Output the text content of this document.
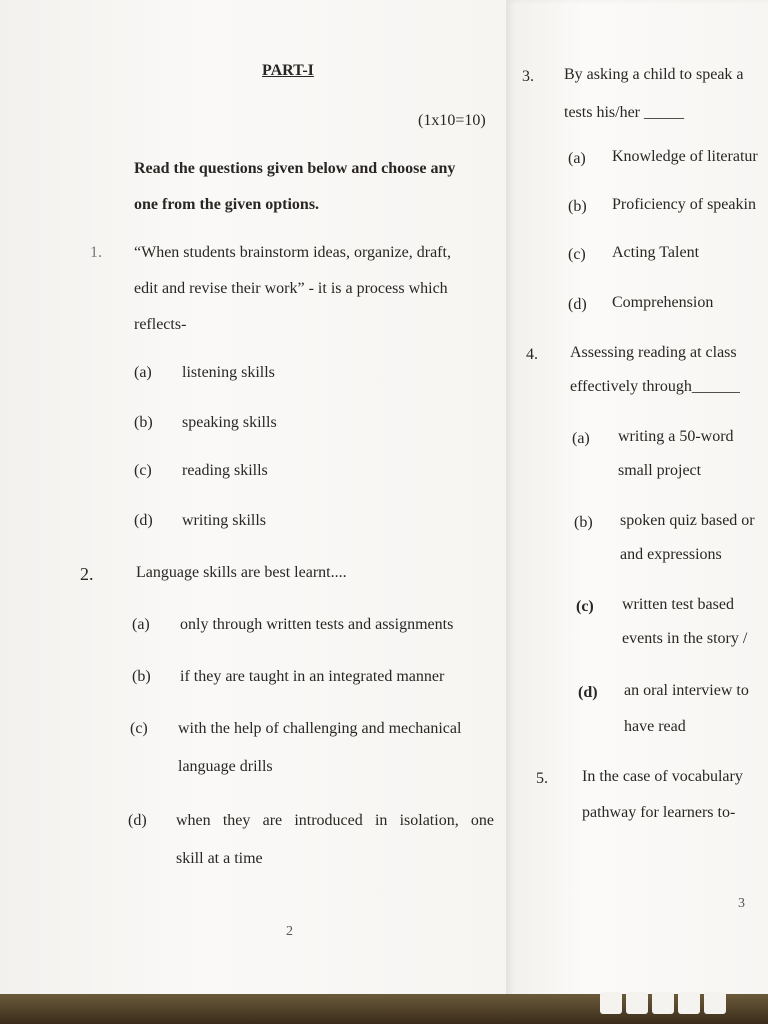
PART-I
(1x10=10)
Read the questions given below and choose any
one from the given options.
1. “When students brainstorm ideas, organize, draft,
edit and revise their work” - it is a process which
reflects-
(a) listening skills
(b) speaking skills
(c) reading skills
(d) writing skills
2.	Language skills are best learnt....
(a) only through written tests and assignments
(b) if they are taught in an integrated manner
(c) with the help of challenging and mechanical
language drills
(d) when they are introduced in isolation, one
skill at a time
2
3. By asking a child to speak a
tests his/her _____
(a) Knowledge of literatur
(b) Proficiency of speakin
(c) Acting Talent
(d) Comprehension
4. Assessing reading at class
effectively through______
(a) writing a 50-word
small project
(b) spoken quiz based or
and expressions
(c) written test based
events in the story /
(d) an oral interview to
have read
5. In the case of vocabulary
pathway for learners to-
3
